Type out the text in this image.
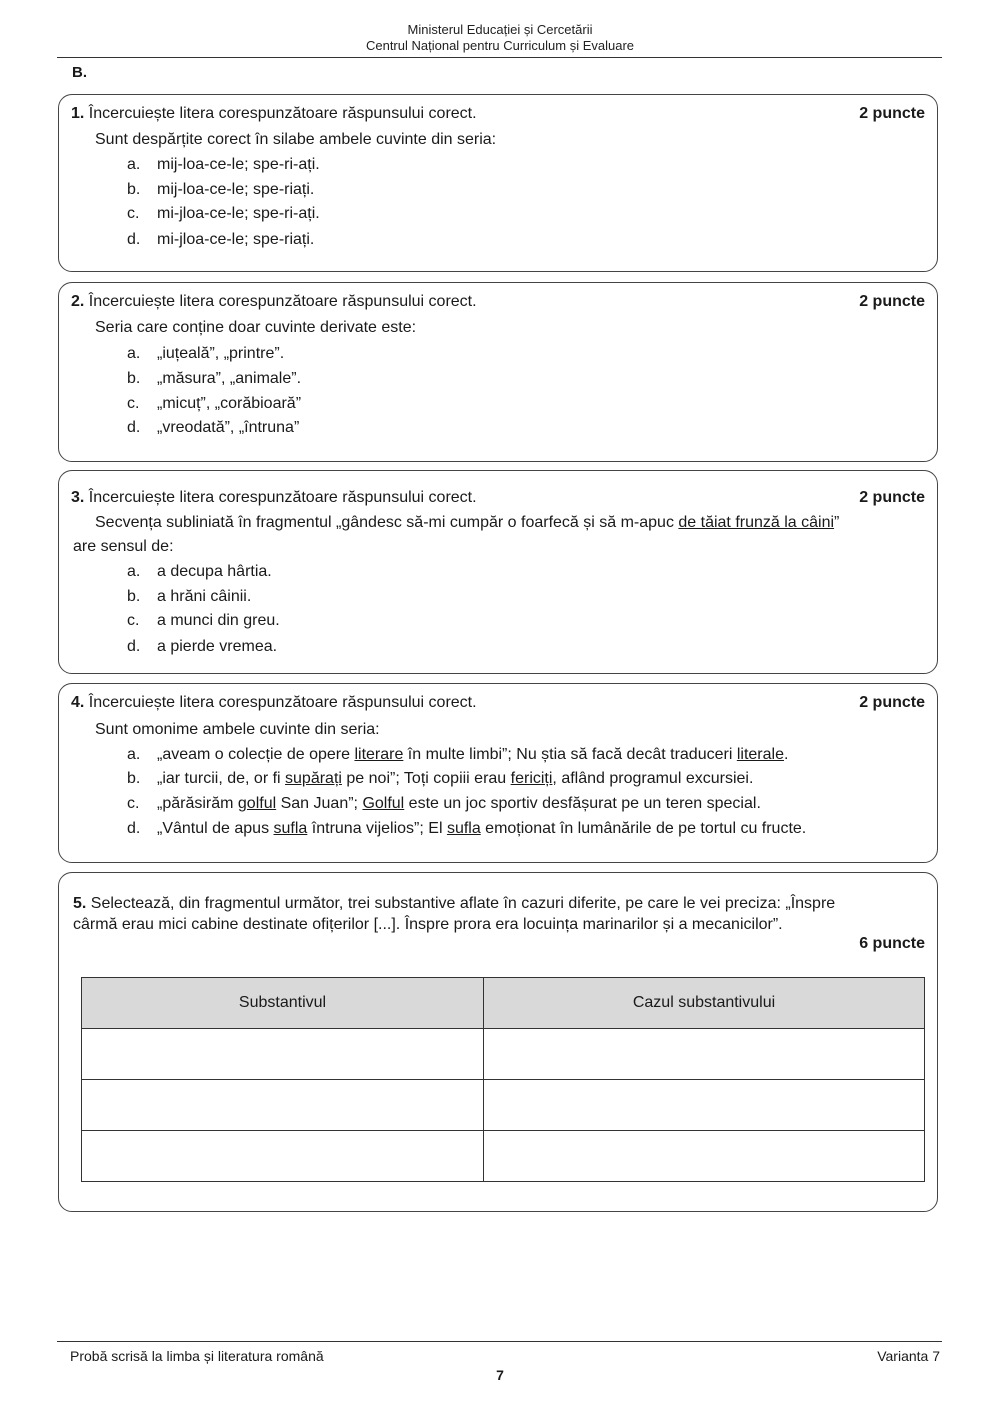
Ministerul Educației și Cercetării
Centrul Național pentru Curriculum și Evaluare
B.
1. Încercuiește litera corespunzătoare răspunsului corect.	2 puncte
Sunt despărțite corect în silabe ambele cuvinte din seria:
a. mij-loa-ce-le; spe-ri-ați.
b. mij-loa-ce-le; spe-riați.
c. mi-jloa-ce-le; spe-ri-ați.
d. mi-jloa-ce-le; spe-riați.
2. Încercuiește litera corespunzătoare răspunsului corect.	2 puncte
Seria care conține doar cuvinte derivate este:
a. „iuțeală”, „printre”.
b. „măsura”, „animale”.
c. „micuț”, „corăbioară”
d. „vreodată”, „întruna”
3. Încercuiește litera corespunzătoare răspunsului corect.	2 puncte
Secvența subliniată în fragmentul „gândesc să-mi cumpăr o foarfecă și să m-apuc de tăiat frunză la câini”
are sensul de:
a. a decupa hârtia.
b. a hrăni câinii.
c. a munci din greu.
d. a pierde vremea.
4. Încercuiește litera corespunzătoare răspunsului corect.	2 puncte
Sunt omonime ambele cuvinte din seria:
a. „aveam o colecție de opere literare în multe limbi”; Nu știa să facă decât traduceri literale.
b. „iar turcii, de, or fi supărați pe noi”; Toți copiii erau fericiți, aflând programul excursiei.
c. „părăsirăm golful San Juan”; Golful este un joc sportiv desfășurat pe un teren special.
d. „Vântul de apus sufla întruna vijelios”; El sufla emoționat în lumânările de pe tortul cu fructe.
5. Selectează, din fragmentul următor, trei substantive aflate în cazuri diferite, pe care le vei preciza: „Înspre
cârmă erau mici cabine destinate ofițerilor [...]. Înspre prora era locuința marinarilor și a mecanicilor”.
6 puncte
Substantivul	Cazul substantivului

Probă scrisă la limba și literatura română	Varianta 7
7
